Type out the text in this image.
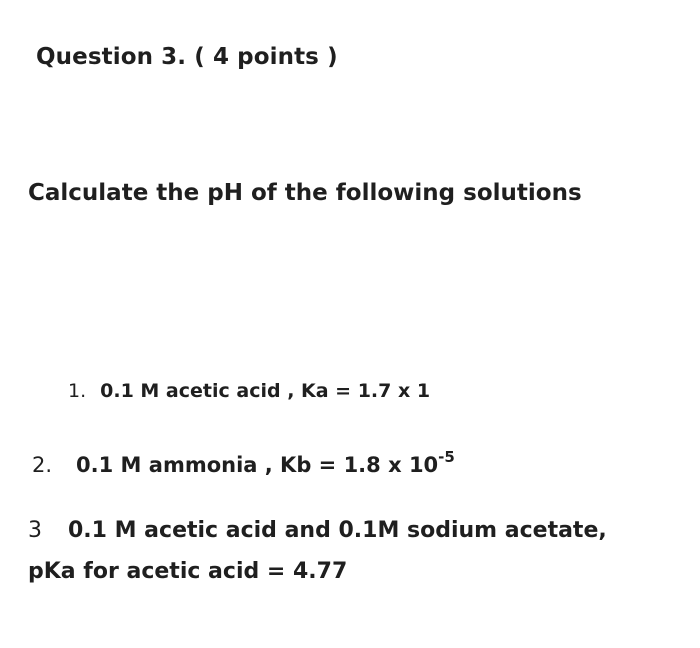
Question 3. ( 4 points )
Calculate the pH of the following solutions
1. 0.1 M acetic acid , Ka = 1.7 x 1
2. 0.1 M ammonia , Kb = 1.8 x $10^{-5}$
3 0.1 M acetic acid and 0.1M sodium acetate,
pKa for acetic acid = 4.77
